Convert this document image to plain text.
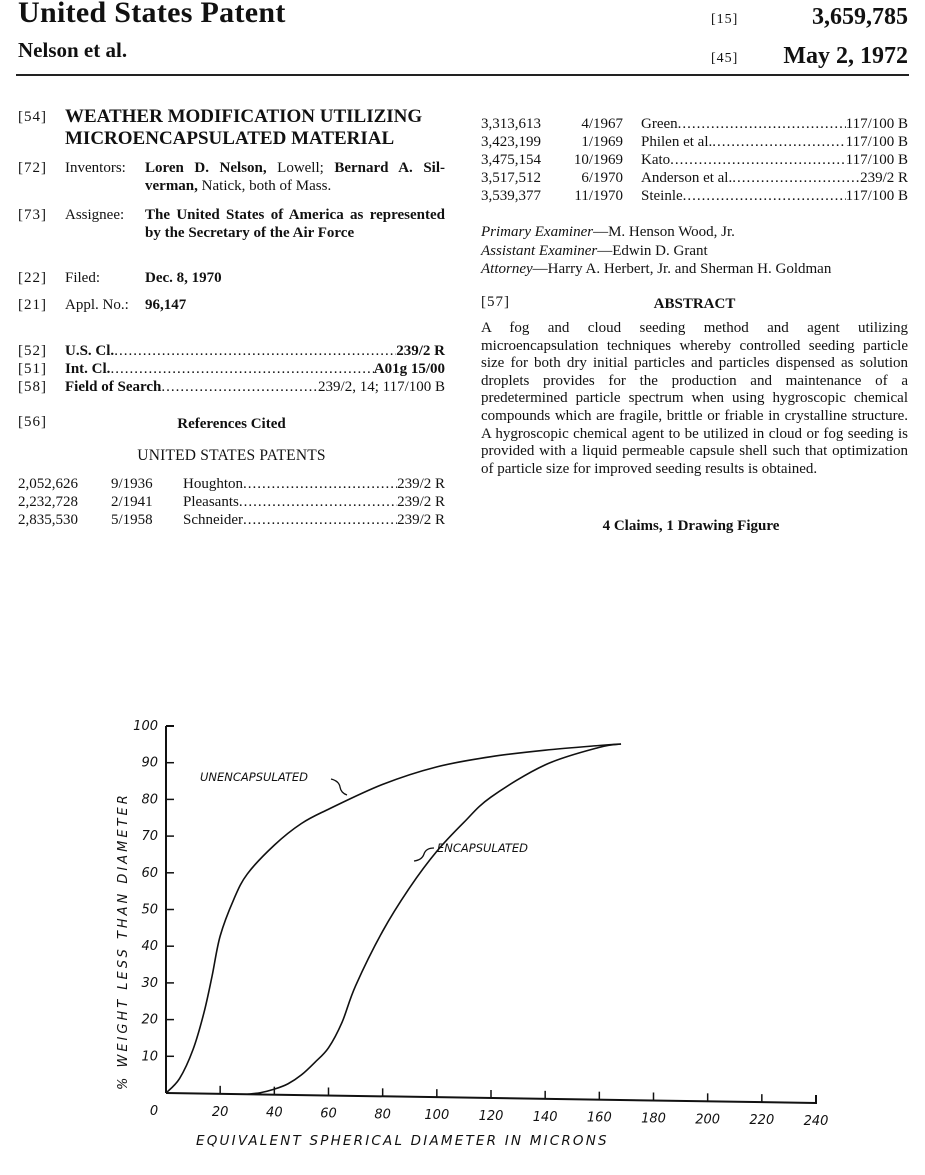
United States Patent
Nelson et al.
[15]	3,659,785
[45]	May 2, 1972
[54] WEATHER MODIFICATION UTILIZING
MICROENCAPSULATED MATERIAL
[72]	Inventors:	Loren D. Nelson, Lowell; Bernard A. Sil-verman, Natick, both of Mass.
[73]	Assignee:	The United States of America as represented by the Secretary of the Air Force
[22]	Filed:	Dec. 8, 1970
[21]	Appl. No.:	96,147
[52]	U.S. Cl. .....	239/2 R
[51]	Int. Cl. .....	A01g 15/00
[58]	Field of Search .....	239/2, 14; 117/100 B
[56]	References Cited
UNITED STATES PATENTS
2,052,626	9/1936	Houghton .....	239/2 R
2,232,728	2/1941	Pleasants .....	239/2 R
2,835,530	5/1958	Schneider .....	239/2 R
3,313,613	4/1967	Green .....	117/100 B
3,423,199	1/1969	Philen et al. .....	117/100 B
3,475,154	10/1969	Kato .....	117/100 B
3,517,512	6/1970	Anderson et al. .....	239/2 R
3,539,377	11/1970	Steinle .....	117/100 B
Primary Examiner—M. Henson Wood, Jr.
Assistant Examiner—Edwin D. Grant
Attorney—Harry A. Herbert, Jr. and Sherman H. Goldman
[57]	ABSTRACT
A fog and cloud seeding method and agent utilizing microencapsulation techniques whereby controlled seeding particle size for both dry initial particles and particles dispensed as solution droplets provides for the production and maintenance of a predetermined particle spectrum when using hygroscopic chemical compounds which are fragile, brittle or friable in crystalline structure. A hygroscopic chemical agent to be utilized in cloud or fog seeding is provided with a liquid permeable capsule shell such that optimization of particle size for improved seeding results is obtained.
4 Claims, 1 Drawing Figure
10
20
30
40
50
60
70
80
90
100
0	20	40	60	80	100 120 140 160 180 200 220 240
UNENCAPSULATED
ENCAPSULATED
% WEIGHT LESS THAN DIAMETER
EQUIVALENT SPHERICAL DIAMETER IN MICRONS
